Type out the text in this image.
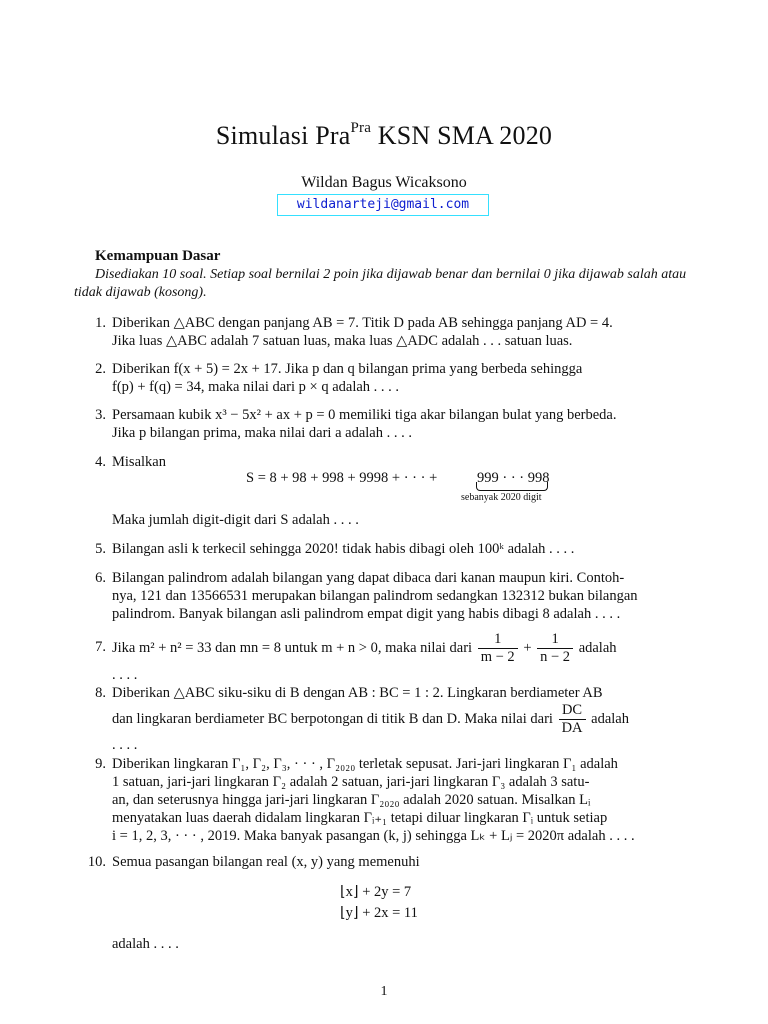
Simulasi Pra$^{Pra}$ KSN SMA 2020
Wildan Bagus Wicaksono
wildanarteji@gmail.com
Kemampuan Dasar
Disediakan 10 soal. Setiap soal bernilai 2 poin jika dijawab benar dan bernilai 0 jika dijawab salah atau tidak dijawab (kosong).
1. Diberikan △ABC dengan panjang AB = 7. Titik D pada AB sehingga panjang AD = 4.
Jika luas △ABC adalah 7 satuan luas, maka luas △ADC adalah . . . satuan luas.
2. Diberikan f(x + 5) = 2x + 17. Jika p dan q bilangan prima yang berbeda sehingga
f(p) + f(q) = 34, maka nilai dari p × q adalah . . . .
3. Persamaan kubik x³ − 5x² + ax + p = 0 memiliki tiga akar bilangan bulat yang berbeda.
Jika p bilangan prima, maka nilai dari a adalah . . . .
4. Misalkan
S = 8 + 98 + 998 + 9998 + · · · +	999 · · · 998
sebanyak 2020 digit
Maka jumlah digit-digit dari S adalah . . . .
5. Bilangan asli k terkecil sehingga 2020! tidak habis dibagi oleh 100ᵏ adalah . . . .
6. Bilangan palindrom adalah bilangan yang dapat dibaca dari kanan maupun kiri. Contoh-
nya, 121 dan 13566531 merupakan bilangan palindrom sedangkan 132312 bukan bilangan
palindrom. Banyak bilangan asli palindrom empat digit yang habis dibagi 8 adalah . . . .
7. Jika m² + n² = 33 dan mn = 8 untuk m + n > 0, maka nilai dari $\frac{1}{m - 2} + \frac{1}{n - 2}$ adalah
. . . .
8. Diberikan △ABC siku-siku di B dengan AB : BC = 1 : 2. Lingkaran berdiameter AB
dan lingkaran berdiameter BC berpotongan di titik B dan D. Maka nilai dari $\frac{DC}{DA}$ adalah
. . . .
9. Diberikan lingkaran Γ₁, Γ₂, Γ₃, · · · , Γ₂₀₂₀ terletak sepusat. Jari-jari lingkaran Γ₁ adalah
1 satuan, jari-jari lingkaran Γ₂ adalah 2 satuan, jari-jari lingkaran Γ₃ adalah 3 satu-
an, dan seterusnya hingga jari-jari lingkaran Γ₂₀₂₀ adalah 2020 satuan. Misalkan Lᵢ
menyatakan luas daerah didalam lingkaran Γᵢ₊₁ tetapi diluar lingkaran Γᵢ untuk setiap
i = 1, 2, 3, · · · , 2019. Maka banyak pasangan (k, j) sehingga Lₖ + Lⱼ = 2020π adalah . . . .
10. Semua pasangan bilangan real (x, y) yang memenuhi
⌊x⌋ + 2y = 7
⌊y⌋ + 2x = 11
adalah . . . .
1
